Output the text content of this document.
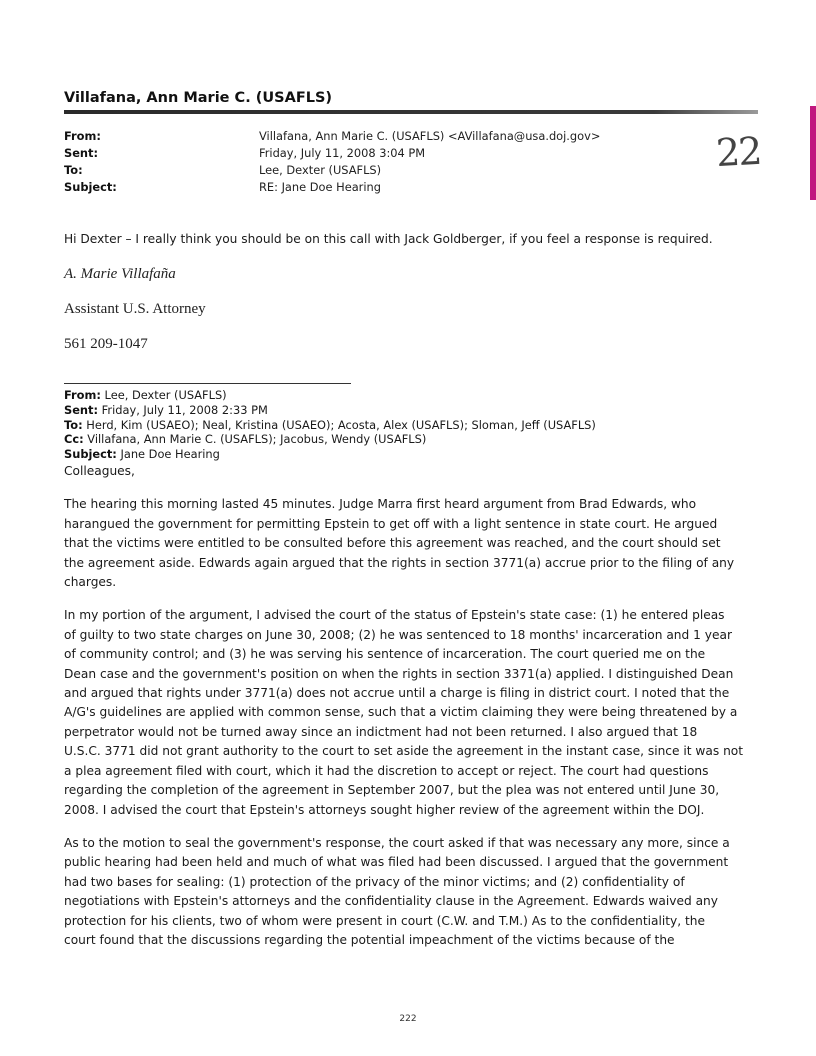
Villafana, Ann Marie C. (USAFLS)
From:	Villafana, Ann Marie C. (USAFLS) <AVillafana@usa.doj.gov>
Sent:	Friday, July 11, 2008 3:04 PM
To:	Lee, Dexter (USAFLS)
Subject:	RE: Jane Doe Hearing
22
Hi Dexter – I really think you should be on this call with Jack Goldberger, if you feel a response is required.
A. Marie Villafaña
Assistant U.S. Attorney
561 209-1047
From: Lee, Dexter (USAFLS)
Sent: Friday, July 11, 2008 2:33 PM
To: Herd, Kim (USAEO); Neal, Kristina (USAEO); Acosta, Alex (USAFLS); Sloman, Jeff (USAFLS)
Cc: Villafana, Ann Marie C. (USAFLS); Jacobus, Wendy (USAFLS)
Subject: Jane Doe Hearing

Colleagues,

The hearing this morning lasted 45 minutes. Judge Marra first heard argument from Brad Edwards, who
harangued the government for permitting Epstein to get off with a light sentence in state court. He argued
that the victims were entitled to be consulted before this agreement was reached, and the court should set
the agreement aside. Edwards again argued that the rights in section 3771(a) accrue prior to the filing of any
charges.

In my portion of the argument, I advised the court of the status of Epstein's state case: (1) he entered pleas
of guilty to two state charges on June 30, 2008; (2) he was sentenced to 18 months' incarceration and 1 year
of community control; and (3) he was serving his sentence of incarceration. The court queried me on the
Dean case and the government's position on when the rights in section 3371(a) applied. I distinguished Dean
and argued that rights under 3771(a) does not accrue until a charge is filing in district court. I noted that the
A/G's guidelines are applied with common sense, such that a victim claiming they were being threatened by a
perpetrator would not be turned away since an indictment had not been returned. I also argued that 18
U.S.C. 3771 did not grant authority to the court to set aside the agreement in the instant case, since it was not
a plea agreement filed with court, which it had the discretion to accept or reject. The court had questions
regarding the completion of the agreement in September 2007, but the plea was not entered until June 30,
2008. I advised the court that Epstein's attorneys sought higher review of the agreement within the DOJ.

As to the motion to seal the government's response, the court asked if that was necessary any more, since a
public hearing had been held and much of what was filed had been discussed. I argued that the government
had two bases for sealing: (1) protection of the privacy of the minor victims; and (2) confidentiality of
negotiations with Epstein's attorneys and the confidentiality clause in the Agreement. Edwards waived any
protection for his clients, two of whom were present in court (C.W. and T.M.) As to the confidentiality, the
court found that the discussions regarding the potential impeachment of the victims because of the

222
